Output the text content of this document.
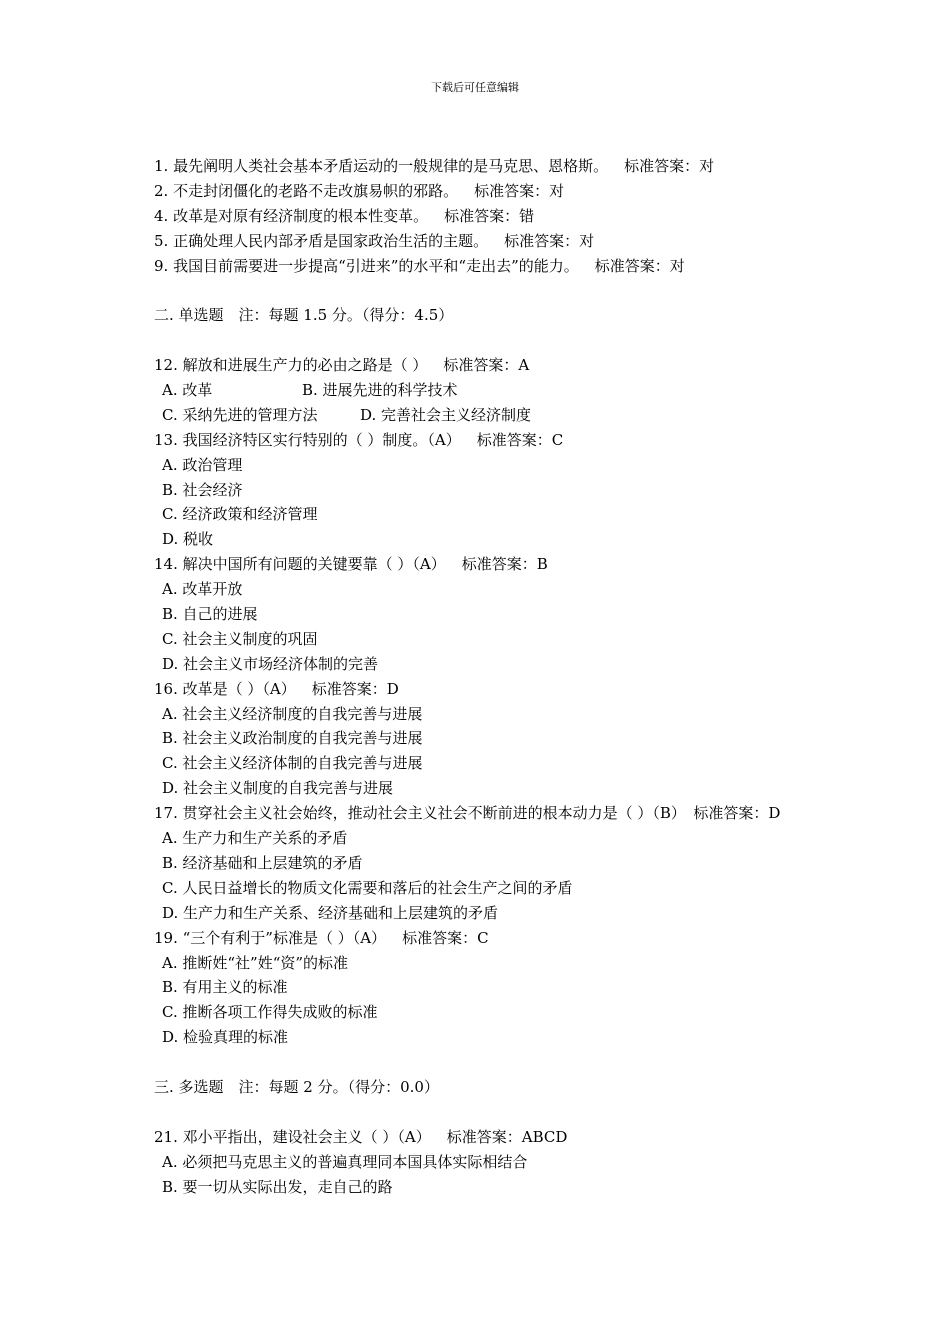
下载后可任意编辑
1. 最先阐明人类社会基本矛盾运动的一般规律的是马克思、恩格斯。 标准答案：对
2. 不走封闭僵化的老路不走改旗易帜的邪路。 标准答案：对
4. 改革是对原有经济制度的根本性变革。 标准答案：错
5. 正确处理人民内部矛盾是国家政治生活的主题。 标准答案：对
9. 我国目前需要进一步提高“引进来”的水平和“走出去”的能力。 标准答案：对
二. 单选题　注：每题 1.5 分。（得分：4.5）
12. 解放和进展生产力的必由之路是（ ） 标准答案：A
A. 改革	B. 进展先进的科学技术
C. 采纳先进的管理方法	D. 完善社会主义经济制度
13. 我国经济特区实行特别的（ ）制度。（A） 标准答案：C
A. 政治管理
B. 社会经济
C. 经济政策和经济管理
D. 税收
14. 解决中国所有问题的关键要靠（ ）（A） 标准答案：B
A. 改革开放
B. 自己的进展
C. 社会主义制度的巩固
D. 社会主义市场经济体制的完善
16. 改革是（ ）（A） 标准答案：D
A. 社会主义经济制度的自我完善与进展
B. 社会主义政治制度的自我完善与进展
C. 社会主义经济体制的自我完善与进展
D. 社会主义制度的自我完善与进展
17. 贯穿社会主义社会始终，推动社会主义社会不断前进的根本动力是（ ）（B）　标准答案：D
A. 生产力和生产关系的矛盾
B. 经济基础和上层建筑的矛盾
C. 人民日益增长的物质文化需要和落后的社会生产之间的矛盾
D. 生产力和生产关系、经济基础和上层建筑的矛盾
19. “三个有利于”标准是（ ）（A） 标准答案：C
A. 推断姓“社”姓“资”的标准
B. 有用主义的标准
C. 推断各项工作得失成败的标准
D. 检验真理的标准
三. 多选题　注：每题 2 分。（得分：0.0）
21. 邓小平指出，建设社会主义（ ）（A） 标准答案：ABCD
A. 必须把马克思主义的普遍真理同本国具体实际相结合
B. 要一切从实际出发，走自己的路
